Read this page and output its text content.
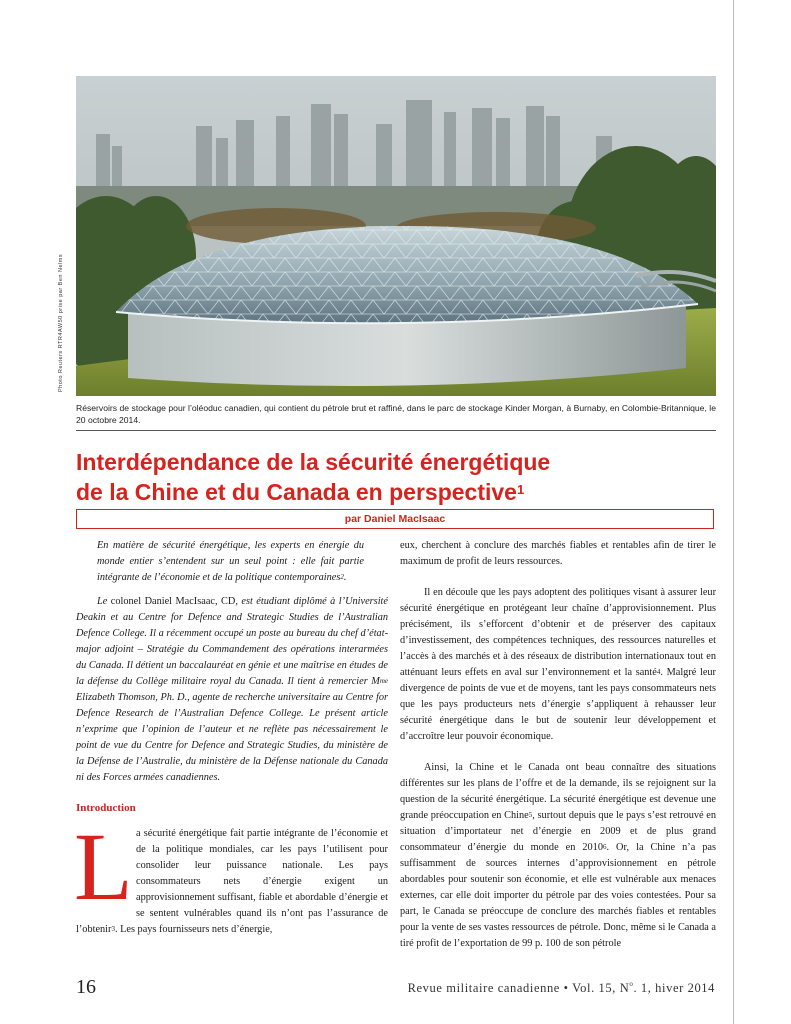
Photo Reuters RTR4AW50 prise par Ben Nelms
Réservoirs de stockage pour l’oléoduc canadien, qui contient du pétrole brut et raffiné, dans le parc de stockage Kinder Morgan, à Burnaby, en Colombie-Britannique, le 20 octobre 2014.
Interdépendance de la sécurité énergétique
de la Chine et du Canada en perspective$^1$
par Daniel MacIsaac

En matière de sécurité énergétique, les experts en énergie du monde entier s’entendent sur un seul point : elle fait partie intégrante de l’économie et de la politique contemporaines$^2$.

Le colonel Daniel MacIsaac, CD, est étudiant diplômé à l’Université Deakin et au Centre for Defence and Strategic Studies de l’Australian Defence College. Il a récemment occupé un poste au bureau du chef d’état-major adjoint – Stratégie du Commandement des opérations interarmées du Canada. Il détient un baccalauréat en génie et une maîtrise en études de la défense du Collège militaire royal du Canada. Il tient à remercier $M^{me}$ Elizabeth Thomson, Ph. D., agente de recherche universitaire au Centre for Defence Research de l’Australian Defence College. Le présent article n’exprime que l’opinion de l’auteur et ne reflète pas nécessairement le point de vue du Centre for Defence and Strategic Studies, du ministère de la Défense de l’Australie, du ministère de la Défense nationale du Canada ni des Forces armées canadiennes.

Introduction

La sécurité énergétique fait partie intégrante de l’économie et de la politique mondiales, car les pays l’utilisent pour consolider leur puissance nationale. Les pays consommateurs nets d’énergie exigent un approvisionnement suffisant, fiable et abordable d’énergie et se sentent vulnérables quand ils n’ont pas l’assurance de l’obtenir$^3$. Les pays fournisseurs nets d’énergie,

eux, cherchent à conclure des marchés fiables et rentables afin de tirer le maximum de profit de leurs ressources.

Il en découle que les pays adoptent des politiques visant à assurer leur sécurité énergétique en protégeant leur chaîne d’approvisionnement. Plus précisément, ils s’efforcent d’obtenir et de préserver des capitaux d’investissement, des compétences techniques, des ressources naturelles et l’accès à des marchés et à des réseaux de distribution internationaux tout en atténuant leurs effets en aval sur l’environnement et la santé$^4$. Malgré leur divergence de points de vue et de moyens, tant les pays consommateurs nets que les pays producteurs nets d’énergie s’appliquent à rehausser leur sécurité énergétique dans le but de soutenir leur développement et d’accroître leur pouvoir économique.

Ainsi, la Chine et le Canada ont beau connaître des situations différentes sur les plans de l’offre et de la demande, ils se rejoignent sur la question de la sécurité énergétique. La sécurité énergétique est devenue une grande préoccupation en Chine$^5$, surtout depuis que le pays s’est retrouvé en situation d’importateur net d’énergie en 2009 et de plus grand consommateur d’énergie du monde en 2010$^6$. Or, la Chine n’a pas suffisamment de sources internes d’approvisionnement en pétrole abordables pour soutenir son économie, et elle est vulnérable aux menaces externes, car elle doit importer du pétrole par des voies contestées. Pour sa part, le Canada se préoccupe de conclure des marchés fiables et rentables pour la vente de ses vastes ressources de pétrole. Donc, même si le Canada a tiré profit de l’exportation de 99 p. 100 de son pétrole

16	Revue militaire canadienne • Vol. 15, $N^o$. 1, hiver 2014
